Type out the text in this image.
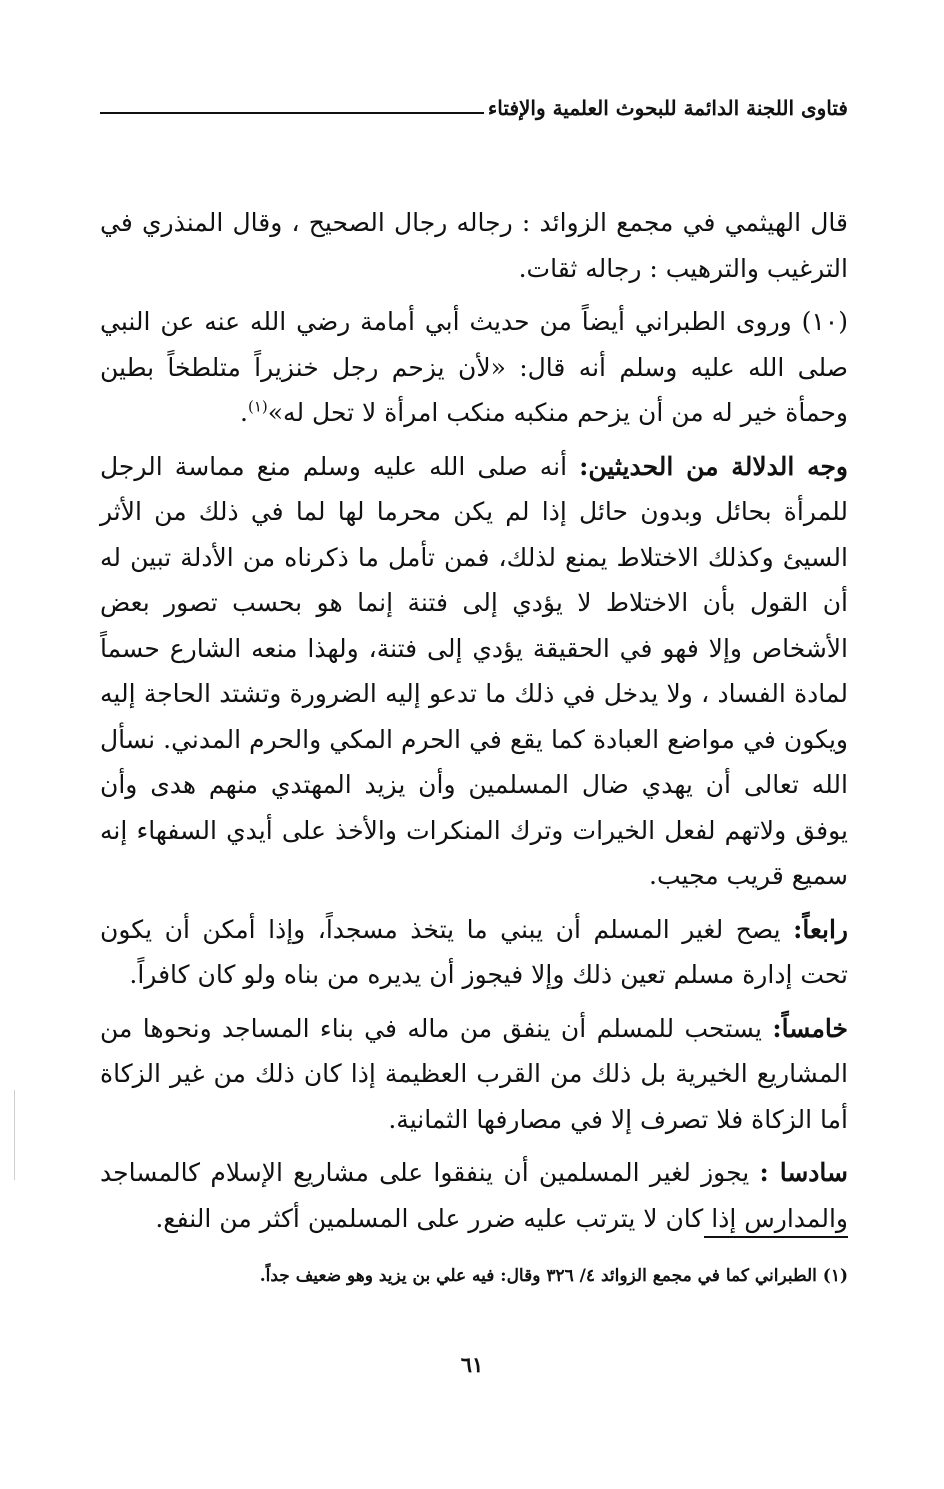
فتاوى اللجنة الدائمة للبحوث العلمية والإفتاء

قال الهيثمي في مجمع الزوائد : رجاله رجال الصحيح ، وقال المنذري في الترغيب والترهيب : رجاله ثقات.

(١٠) وروى الطبراني أيضاً من حديث أبي أمامة رضي الله عنه عن النبي صلى الله عليه وسلم أنه قال: «لأن يزحم رجل خنزيراً متلطخاً بطين وحمأة خير له من أن يزحم منكبه منكب امرأة لا تحل له»$^{(١)}$.

وجه الدلالة من الحديثين: أنه صلى الله عليه وسلم منع مماسة الرجل للمرأة بحائل وبدون حائل إذا لم يكن محرما لها لما في ذلك من الأثر السيئ وكذلك الاختلاط يمنع لذلك، فمن تأمل ما ذكرناه من الأدلة تبين له أن القول بأن الاختلاط لا يؤدي إلى فتنة إنما هو بحسب تصور بعض الأشخاص وإلا فهو في الحقيقة يؤدي إلى فتنة، ولهذا منعه الشارع حسماً لمادة الفساد ، ولا يدخل في ذلك ما تدعو إليه الضرورة وتشتد الحاجة إليه ويكون في مواضع العبادة كما يقع في الحرم المكي والحرم المدني. نسأل الله تعالى أن يهدي ضال المسلمين وأن يزيد المهتدي منهم هدى وأن يوفق ولاتهم لفعل الخيرات وترك المنكرات والأخذ على أيدي السفهاء إنه سميع قريب مجيب.

رابعاً: يصح لغير المسلم أن يبني ما يتخذ مسجداً، وإذا أمكن أن يكون تحت إدارة مسلم تعين ذلك وإلا فيجوز أن يديره من بناه ولو كان كافراً.

خامساً: يستحب للمسلم أن ينفق من ماله في بناء المساجد ونحوها من المشاريع الخيرية بل ذلك من القرب العظيمة إذا كان ذلك من غير الزكاة أما الزكاة فلا تصرف إلا في مصارفها الثمانية.

سادسا : يجوز لغير المسلمين أن ينفقوا على مشاريع الإسلام كالمساجد والمدارس إذا كان لا يترتب عليه ضرر على المسلمين أكثر من النفع.

(١) الطبراني كما في مجمع الزوائد ٤/ ٣٢٦ وقال: فيه علي بن يزيد وهو ضعيف جداً.
٦١
